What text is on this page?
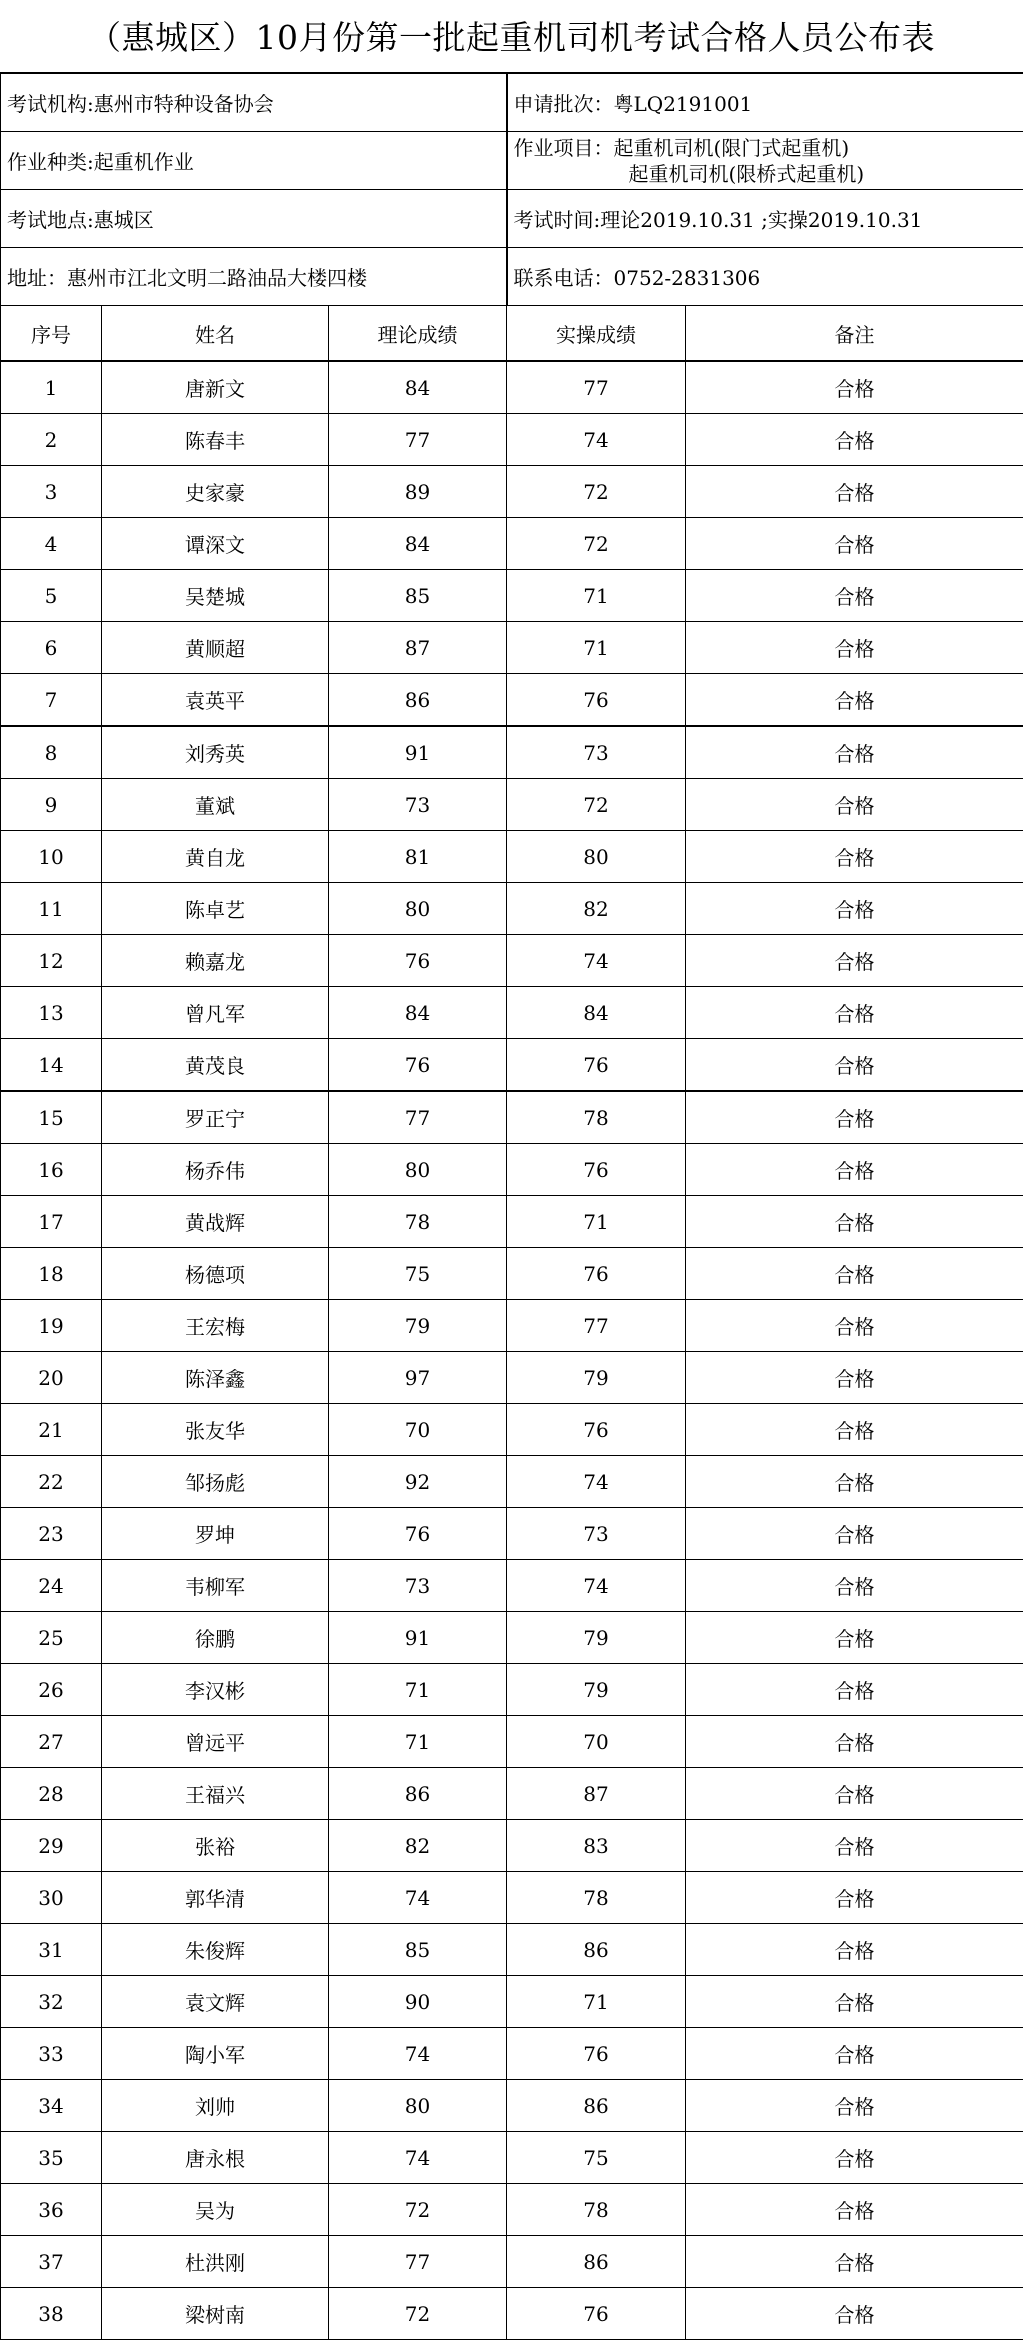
（惠城区）10月份第一批起重机司机考试合格人员公布表
考试机构:惠州市特种设备协会			申请批次：粤LQ2191001	
作业种类:起重机作业			作业项目：起重机司机(限门式起重机)
起重机司机(限桥式起重机)	

考试地点:惠城区			考试时间:理论2019.10.31 ;实操2019.10.31	
地址：惠州市江北文明二路油品大楼四楼			联系电话：0752-2831306	
序号	姓名	理论成绩	实操成绩	备注
1	唐新文	84	77	合格
2	陈春丰	77	74	合格
3	史家豪	89	72	合格
4	谭深文	84	72	合格
5	吴楚城	85	71	合格
6	黄顺超	87	71	合格
7	袁英平	86	76	合格
8	刘秀英	91	73	合格
9	董斌	73	72	合格
10	黄自龙	81	80	合格
11	陈卓艺	80	82	合格
12	赖嘉龙	76	74	合格
13	曾凡军	84	84	合格
14	黄茂良	76	76	合格
15	罗正宁	77	78	合格
16	杨乔伟	80	76	合格
17	黄战辉	78	71	合格
18	杨德项	75	76	合格
19	王宏梅	79	77	合格
20	陈泽鑫	97	79	合格
21	张友华	70	76	合格
22	邹扬彪	92	74	合格
23	罗坤	76	73	合格
24	韦柳军	73	74	合格
25	徐鹏	91	79	合格
26	李汉彬	71	79	合格
27	曾远平	71	70	合格
28	王福兴	86	87	合格
29	张裕	82	83	合格
30	郭华清	74	78	合格
31	朱俊辉	85	86	合格
32	袁文辉	90	71	合格
33	陶小军	74	76	合格
34	刘帅	80	86	合格
35	唐永根	74	75	合格
36	吴为	72	78	合格
37	杜洪刚	77	86	合格
38	梁树南	72	76	合格
